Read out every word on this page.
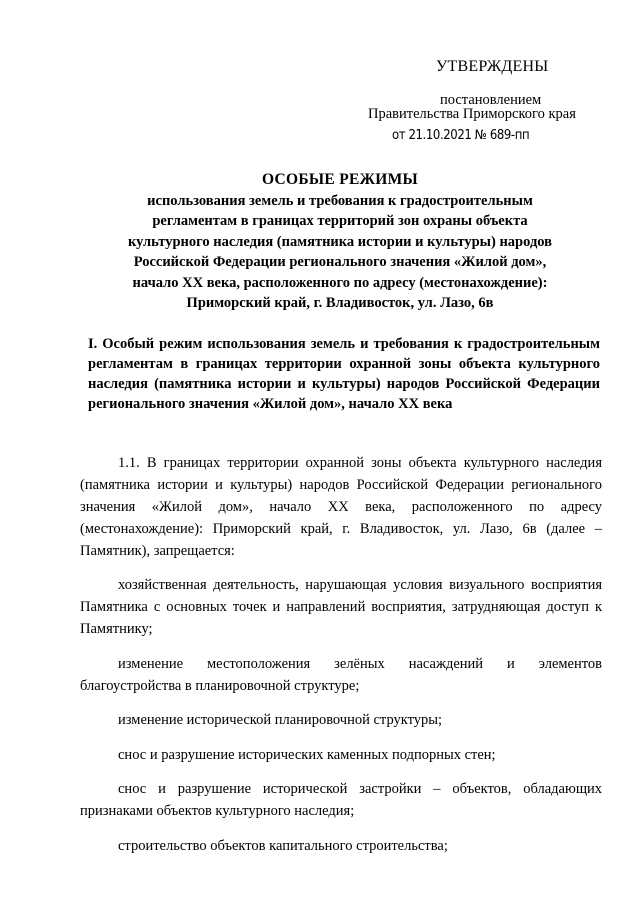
УТВЕРЖДЕНЫ
постановлением
Правительства Приморского края
от 21.10.2021 № 689-пп
ОСОБЫЕ РЕЖИМЫ
использования земель и требования к градостроительным
регламентам в границах территорий зон охраны объекта
культурного наследия (памятника истории и культуры) народов
Российской Федерации регионального значения «Жилой дом»,
начало XX века, расположенного по адресу (местонахождение):
Приморский край, г. Владивосток, ул. Лазо, 6в
I. Особый режим использования земель и требования к градостроительным регламентам в границах территории охранной зоны объекта культурного наследия (памятника истории и культуры) народов Российской Федерации регионального значения «Жилой дом», начало XX века

1.1. В границах территории охранной зоны объекта культурного наследия (памятника истории и культуры) народов Российской Федерации регионального значения «Жилой дом», начало XX века, расположенного по адресу (местонахождение): Приморский край, г. Владивосток, ул. Лазо, 6в (далее – Памятник), запрещается:

хозяйственная деятельность, нарушающая условия визуального восприятия Памятника с основных точек и направлений восприятия, затрудняющая доступ к Памятнику;

изменение местоположения зелёных насаждений и элементов благоустройства в планировочной структуре;

изменение исторической планировочной структуры;

снос и разрушение исторических каменных подпорных стен;

снос и разрушение исторической застройки – объектов, обладающих признаками объектов культурного наследия;

строительство объектов капитального строительства;
